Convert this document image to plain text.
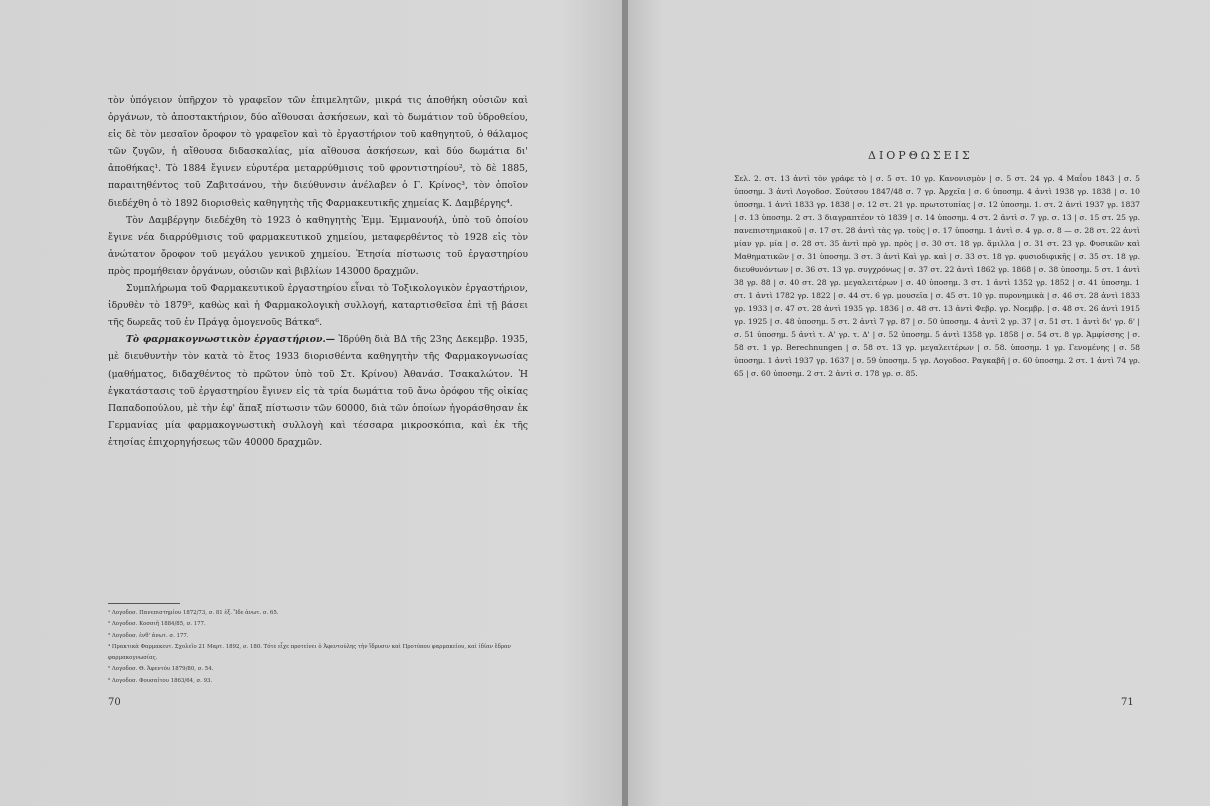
τὸν ὑπόγειον ὑπῆρχον τὸ γραφεῖον τῶν ἐπιμελητῶν, μικρά τις ἀποθήκη οὐσιῶν καὶ ὀργάνων, τὸ ἀποστακτήριον, δύο αἴθουσαι ἀσκήσεων, καὶ τὸ δωμάτιον τοῦ ὑδροθείου, εἰς δὲ τὸν μεσαῖον ὄροφον τὸ γραφεῖον καὶ τὸ ἐργαστήριον τοῦ καθηγητοῦ, ὁ θάλαμος τῶν ζυγῶν, ἡ αἴθουσα διδασκαλίας, μία αἴθουσα ἀσκήσεων, καὶ δύο δωμάτια δι' ἀποθήκας¹. Τὸ 1884 ἔγινεν εὐρυτέρα μεταρρύθμισις τοῦ φροντιστηρίου², τὸ δὲ 1885, παραιτηθέντος τοῦ Ζαβιτσάνου, τὴν διεύθυνσιν ἀνέλαβεν ὁ Γ. Κρίνος³, τὸν ὁποῖον διεδέχθη ὁ τὸ 1892 διορισθεὶς καθηγητὴς τῆς Φαρμακευτικῆς χημείας Κ. Δαμβέργης⁴.

Τὸν Δαμβέργην διεδέχθη τὸ 1923 ὁ καθηγητὴς Ἐμμ. Ἐμμανουήλ, ὑπὸ τοῦ ὁποίου ἔγινε νέα διαρρύθμισις τοῦ φαρμακευτικοῦ χημείου, μεταφερθέντος τὸ 1928 εἰς τὸν ἀνώτατον ὄροφον τοῦ μεγάλου γενικοῦ χημείου. Ἐτησία πίστωσις τοῦ ἐργαστηρίου πρὸς προμήθειαν ὀργάνων, οὐσιῶν καὶ βιβλίων 143000 δραχμῶν.

Συμπλήρωμα τοῦ Φαρμακευτικοῦ ἐργαστηρίου εἶναι τὸ Τοξικολογικὸν ἐργαστήριον, ἱδρυθὲν τὸ 1879⁵, καθὼς καὶ ἡ Φαρμακολογικὴ συλλογή, καταρτισθεῖσα ἐπὶ τῇ βάσει τῆς δωρεᾶς τοῦ ἐν Πράγᾳ ὁμογενοῦς Βάτκα⁶.

Τὸ φαρμακογνωστικὸν ἐργαστήριον.— Ἱδρύθη διὰ ΒΔ τῆς 23ης Δεκεμβρ. 1935, μὲ διευθυντὴν τὸν κατὰ τὸ ἔτος 1933 διορισθέντα καθηγητὴν τῆς Φαρμακογνωσίας (μαθήματος, διδαχθέντος τὸ πρῶτον ὑπὸ τοῦ Στ. Κρίνου) Ἀθανάσ. Τσακαλώτον. Ἡ ἐγκατάστασις τοῦ ἐργαστηρίου ἔγινεν εἰς τὰ τρία δωμάτια τοῦ ἄνω ὀρόφου τῆς οἰκίας Παπαδοπούλου, μὲ τὴν ἐφ' ἅπαξ πίστωσιν τῶν 60000, διὰ τῶν ὁποίων ἠγοράσθησαν ἐκ Γερμανίας μία φαρμακογνωστικὴ συλλογὴ καὶ τέσσαρα μικροσκόπια, καὶ ἐκ τῆς ἐτησίας ἐπιχορηγήσεως τῶν 40000 δραχμῶν.

¹ Λογοδοσ. Πανεπιστημίου 1872/73, σ. 81 ἑξ. Ἴδε ἀνωτ. σ. 65.

² Λογοδοσ. Κοσσιῆ 1884/85, σ. 177.

³ Λογοδοσ. ἐνθ' ἀνωτ. σ. 177.

⁴ Πρακτικὰ Φαρμακευτ. Σχολεῖο 21 Μαρτ. 1892, σ. 180. Τότε εἶχε προτείνει ὁ Ἀφεντούλης τὴν ἵδρυσιν καὶ Προτύπου φαρμακείου, καὶ ἰδίαν ἕδραν φαρμακογνωσίας.

⁵ Λογοδοσ. Θ. Ἀφεντόυ 1879/80, σ. 54.

⁶ Λογοδοσ. Φουσαίτου 1863/64, σ. 93.

70
ΔΙΟΡΘΩΣΕΙΣ
Σελ. 2. στ. 13 ἀντὶ τὸν γράφε τὸ | σ. 5 στ. 10 γρ. Κανονισμὸν | σ. 5 στ. 24 γρ. 4 Μαΐου 1843 | σ. 5 ὑποσημ. 3 ἀντὶ Λογοδοσ. Σούτσου 1847/48 σ. 7 γρ. Ἀρχεῖα | σ. 6 ὑποσημ. 4 ἀντὶ 1938 γρ. 1838 | σ. 10 ὑποσημ. 1 ἀντὶ 1833 γρ. 1838 | σ. 12 στ. 21 γρ. πρωτοτυπίας | σ. 12 ὑποσημ. 1. στ. 2 ἀντὶ 1937 γρ. 1837 | σ. 13 ὑποσημ. 2 στ. 3 διαγραπτέον τὸ 1839 | σ. 14 ὑποσημ. 4 στ. 2 ἀντὶ σ. 7 γρ. σ. 13 | σ. 15 στ. 25 γρ. πανεπιστημιακοῦ | σ. 17 στ. 28 ἀντὶ τὰς γρ. τοὺς | σ. 17 ὑποσημ. 1 ἀντὶ σ. 4 γρ. σ. 8 — σ. 28 στ. 22 ἀντὶ μίαν γρ. μία | σ. 28 στ. 35 ἀντὶ πρὸ γρ. πρὸς | σ. 30 στ. 18 γρ. ἅμιλλα | σ. 31 στ. 23 γρ. Φυσικῶν καὶ Μαθηματικῶν | σ. 31 ὑποσημ. 3 στ. 3 ἀντὶ Καὶ γρ. καὶ | σ. 33 στ. 18 γρ. φυσιοδιφικῆς | σ. 35 στ. 18 γρ. διευθυνόντων | σ. 36 στ. 13 γρ. συγχρόνως | σ. 37 στ. 22 ἀντὶ 1862 γρ. 1868 | σ. 38 ὑποσημ. 5 στ. 1 ἀντὶ 38 γρ. 88 | σ. 40 στ. 28 γρ. μεγαλειτέρων | σ. 40 ὑποσημ. 3 στ. 1 ἀντὶ 1352 γρ. 1852 | σ. 41 ὑποσημ. 1 στ. 1 ἀντὶ 1782 γρ. 1822 | σ. 44 στ. 6 γρ. μουσεῖα | σ. 45 στ. 10 γρ. πυρονημικὰ | σ. 46 στ. 28 ἀντὶ 1833 γρ. 1933 | σ. 47 στ. 28 ἀντὶ 1935 γρ. 1836 | σ. 48 στ. 13 ἀντὶ Φεβρ. γρ. Νοεμβρ. | σ. 48 στ. 26 ἀντὶ 1915 γρ. 1925 | σ. 48 ὑποσημ. 5 στ. 2 ἀντὶ 7 γρ. 87 | σ. 50 ὑποσημ. 4 ἀντὶ 2 γρ. 37 | σ. 51 στ. 1 ἀντὶ δι' γρ. δ' | σ. 51 ὑποσημ. 5 ἀντὶ τ. Α' γρ. τ. Δ' | σ. 52 ὑποσημ. 5 ἀντὶ 1358 γρ. 1858 | σ. 54 στ. 8 γρ. Ἀμφίσσης | σ. 58 στ. 1 γρ. Berechnungen | σ. 58 στ. 13 γρ. μεγαλειτέρων | σ. 58. ὑποσημ. 1 γρ. Γενομένης | σ. 58 ὑποσημ. 1 ἀντὶ 1937 γρ. 1637 | σ. 59 ὑποσημ. 5 γρ. Λογοδοσ. Ραγκαβῆ | σ. 60 ὑποσημ. 2 στ. 1 ἀντὶ 74 γρ. 65 | σ. 60 ὑποσημ. 2 στ. 2 ἀντὶ σ. 178 γρ. σ. 85.
71
